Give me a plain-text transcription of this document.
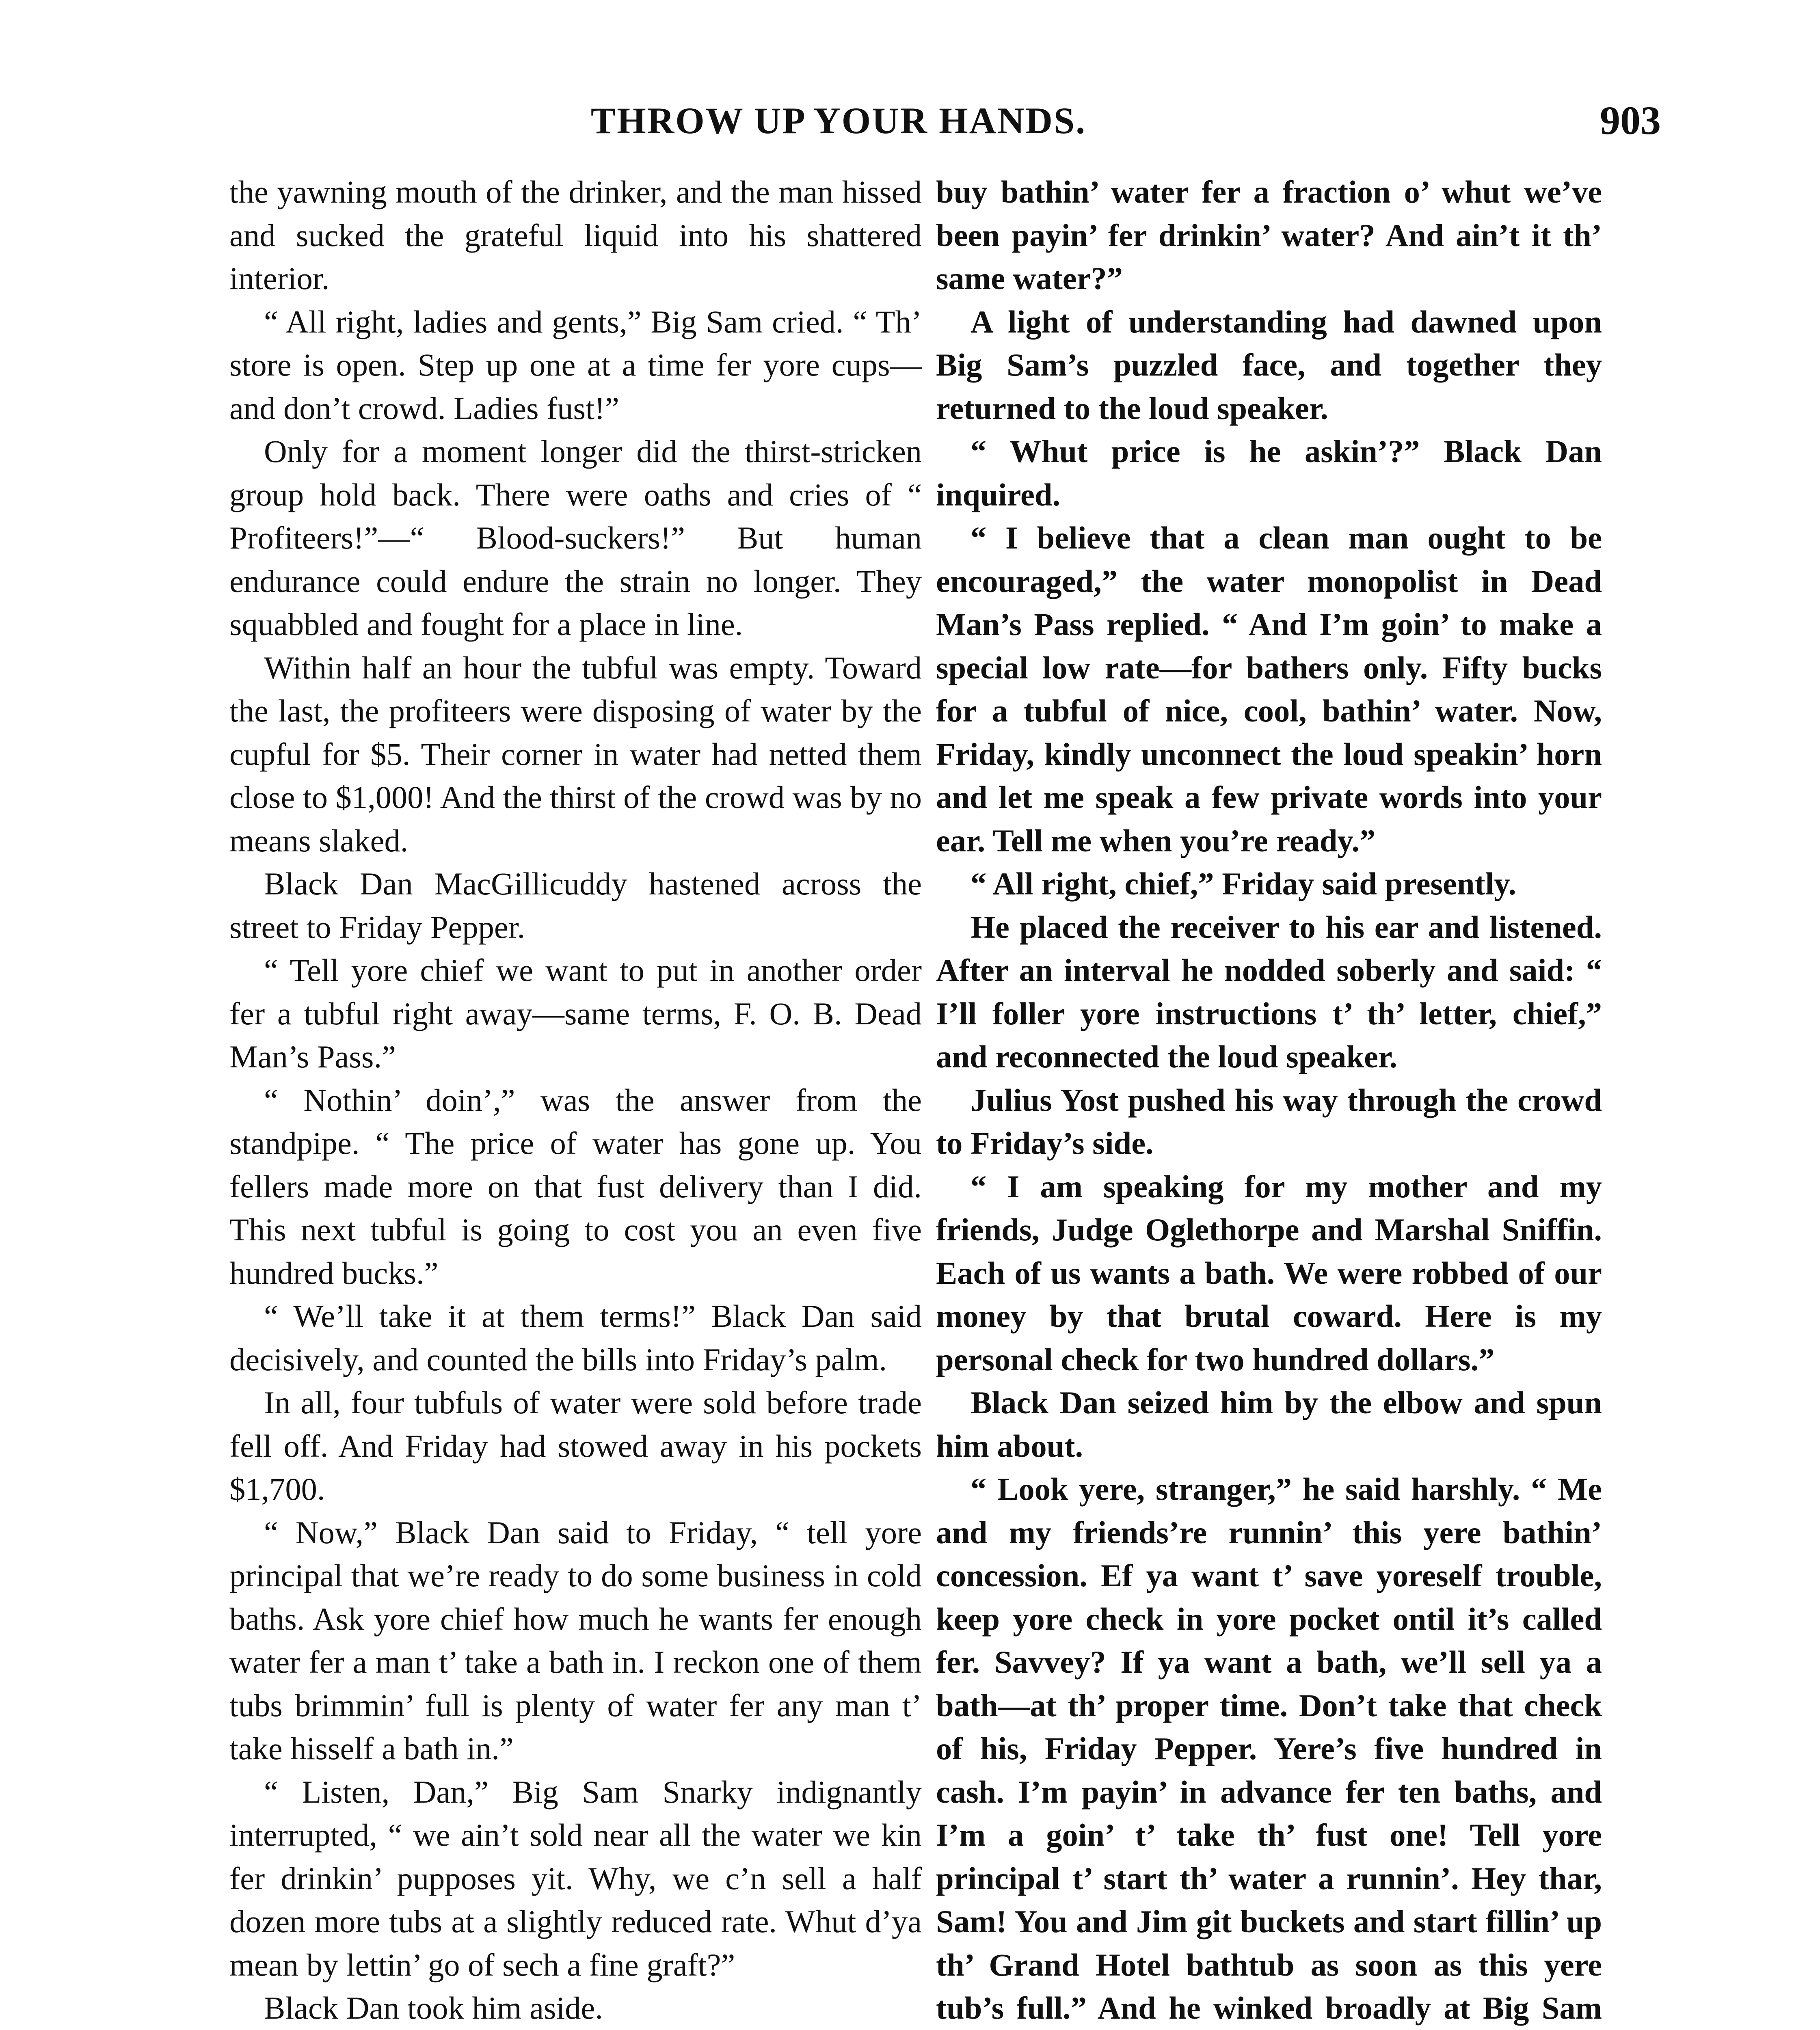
THROW UP YOUR HANDS.	903

the yawning mouth of the drinker, and the man hissed and sucked the grateful liquid into his shattered interior.

“ All right, ladies and gents,” Big Sam cried. “ Th’ store is open. Step up one at a time fer yore cups—and don’t crowd. Ladies fust!”

Only for a moment longer did the thirst-stricken group hold back. There were oaths and cries of “ Profiteers!”—“ Blood-suckers!” But human endurance could endure the strain no longer. They squabbled and fought for a place in line.

Within half an hour the tubful was empty. Toward the last, the profiteers were disposing of water by the cupful for $5. Their corner in water had netted them close to $1,000! And the thirst of the crowd was by no means slaked.

Black Dan MacGillicuddy hastened across the street to Friday Pepper.

“ Tell yore chief we want to put in another order fer a tubful right away—same terms, F. O. B. Dead Man’s Pass.”

“ Nothin’ doin’,” was the answer from the standpipe. “ The price of water has gone up. You fellers made more on that fust delivery than I did. This next tubful is going to cost you an even five hundred bucks.”

“ We’ll take it at them terms!” Black Dan said decisively, and counted the bills into Friday’s palm.

In all, four tubfuls of water were sold before trade fell off. And Friday had stowed away in his pockets $1,700.

“ Now,” Black Dan said to Friday, “ tell yore principal that we’re ready to do some business in cold baths. Ask yore chief how much he wants fer enough water fer a man t’ take a bath in. I reckon one of them tubs brimmin’ full is plenty of water fer any man t’ take hisself a bath in.”

“ Listen, Dan,” Big Sam Snarky indignantly interrupted, “ we ain’t sold near all the water we kin fer drinkin’ pupposes yit. Why, we c’n sell a half dozen more tubs at a slightly reduced rate. Whut d’ya mean by lettin’ go of sech a fine graft?”

Black Dan took him aside.

buy bathin’ water fer a fraction o’ whut we’ve been payin’ fer drinkin’ water? And ain’t it th’ same water?”

A light of understanding had dawned upon Big Sam’s puzzled face, and together they returned to the loud speaker.

“ Whut price is he askin’?” Black Dan inquired.

“ I believe that a clean man ought to be encouraged,” the water monopolist in Dead Man’s Pass replied. “ And I’m goin’ to make a special low rate—for bathers only. Fifty bucks for a tubful of nice, cool, bathin’ water. Now, Friday, kindly unconnect the loud speakin’ horn and let me speak a few private words into your ear. Tell me when you’re ready.”

“ All right, chief,” Friday said presently.

He placed the receiver to his ear and listened. After an interval he nodded soberly and said: “ I’ll foller yore instructions t’ th’ letter, chief,” and reconnected the loud speaker.

Julius Yost pushed his way through the crowd to Friday’s side.

“ I am speaking for my mother and my friends, Judge Oglethorpe and Marshal Sniffin. Each of us wants a bath. We were robbed of our money by that brutal coward. Here is my personal check for two hundred dollars.”

Black Dan seized him by the elbow and spun him about.

“ Look yere, stranger,” he said harshly. “ Me and my friends’re runnin’ this yere bathin’ concession. Ef ya want t’ save yoreself trouble, keep yore check in yore pocket ontil it’s called fer. Savvey? If ya want a bath, we’ll sell ya a bath—at th’ proper time. Don’t take that check of his, Friday Pepper. Yere’s five hundred in cash. I’m payin’ in advance fer ten baths, and I’m a goin’ t’ take th’ fust one! Tell yore principal t’ start th’ water a runnin’. Hey thar, Sam! You and Jim git buckets and start fillin’ up th’ Grand Hotel bathtub as soon as this yere tub’s full.” And he winked broadly at Big Sam
